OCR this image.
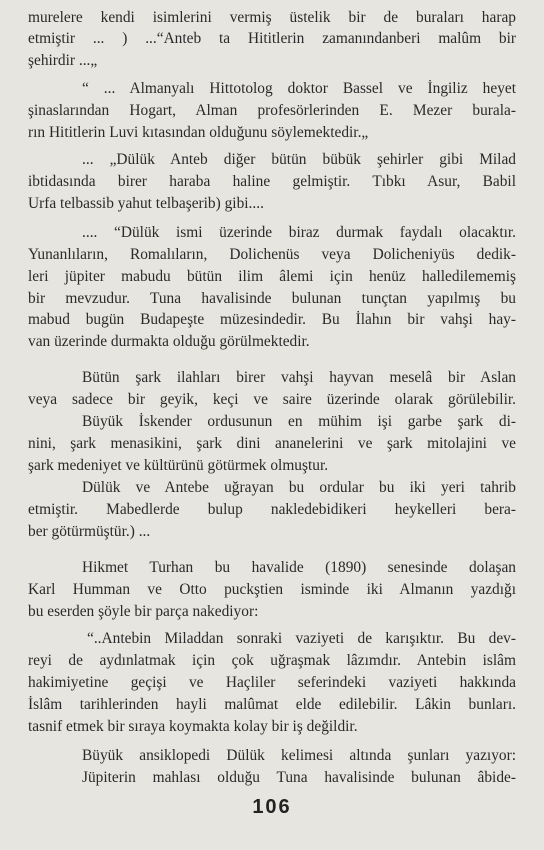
murelere kendi isimlerini vermiş üstelik bir de buraları harap
etmiştir ... ) ...“Anteb ta Hititlerin zamanındanberi malûm bir
şehirdir ...„
“ ... Almanyalı Hittotolog doktor Bassel ve İngiliz heyet
şinaslarından Hogart, Alman profesörlerinden E. Mezer burala-
rın Hititlerin Luvi kıtasından olduğunu söylemektedir.„
... „Dülük Anteb diğer bütün bübük şehirler gibi Milad
ibtidasında birer haraba haline gelmiştir. Tıbkı Asur, Babil
Urfa telbassib yahut telbaşerib) gibi....
.... “Dülük ismi üzerinde biraz durmak faydalı olacaktır.
Yunanlıların, Romalıların, Dolichenüs veya Dolicheniyüs dedik-
leri jüpiter mabudu bütün ilim âlemi için henüz halledilememiş
bir mevzudur. Tuna havalisinde bulunan tunçtan yapılmış bu
mabud bugün Budapeşte müzesindedir. Bu İlahın bir vahşi hay-
van üzerinde durmakta olduğu görülmektedir.
Bütün şark ilahları birer vahşi hayvan meselâ bir Aslan
veya sadece bir geyik, keçi ve saire üzerinde olarak görülebilir.
Büyük İskender ordusunun en mühim işi garbe şark di-
nini, şark menasikini, şark dini ananelerini ve şark mitolajini ve
şark medeniyet ve kültürünü götürmek olmuştur.
Dülük ve Antebe uğrayan bu ordular bu iki yeri tahrib
etmiştir. Mabedlerde bulup nakledebidikeri heykelleri bera-
ber götürmüştür.) ...
Hikmet Turhan bu havalide (1890) senesinde dolaşan
Karl Humman ve Otto puckştien isminde iki Almanın yazdığı
bu eserden şöyle bir parça nakediyor:
“..Antebin Miladdan sonraki vaziyeti de karışıktır. Bu dev-
reyi de aydınlatmak için çok uğraşmak lâzımdır. Antebin islâm
hakimiyetine geçişi ve Haçliler seferindeki vaziyeti hakkında
İslâm tarihlerinden hayli malûmat elde edilebilir. Lâkin bunları.
tasnif etmek bir sıraya koymakta kolay bir iş değildir.
Büyük ansiklopedi Dülük kelimesi altında şunları yazıyor:
Jüpiterin mahlası olduğu Tuna havalisinde bulunan âbide-
106
